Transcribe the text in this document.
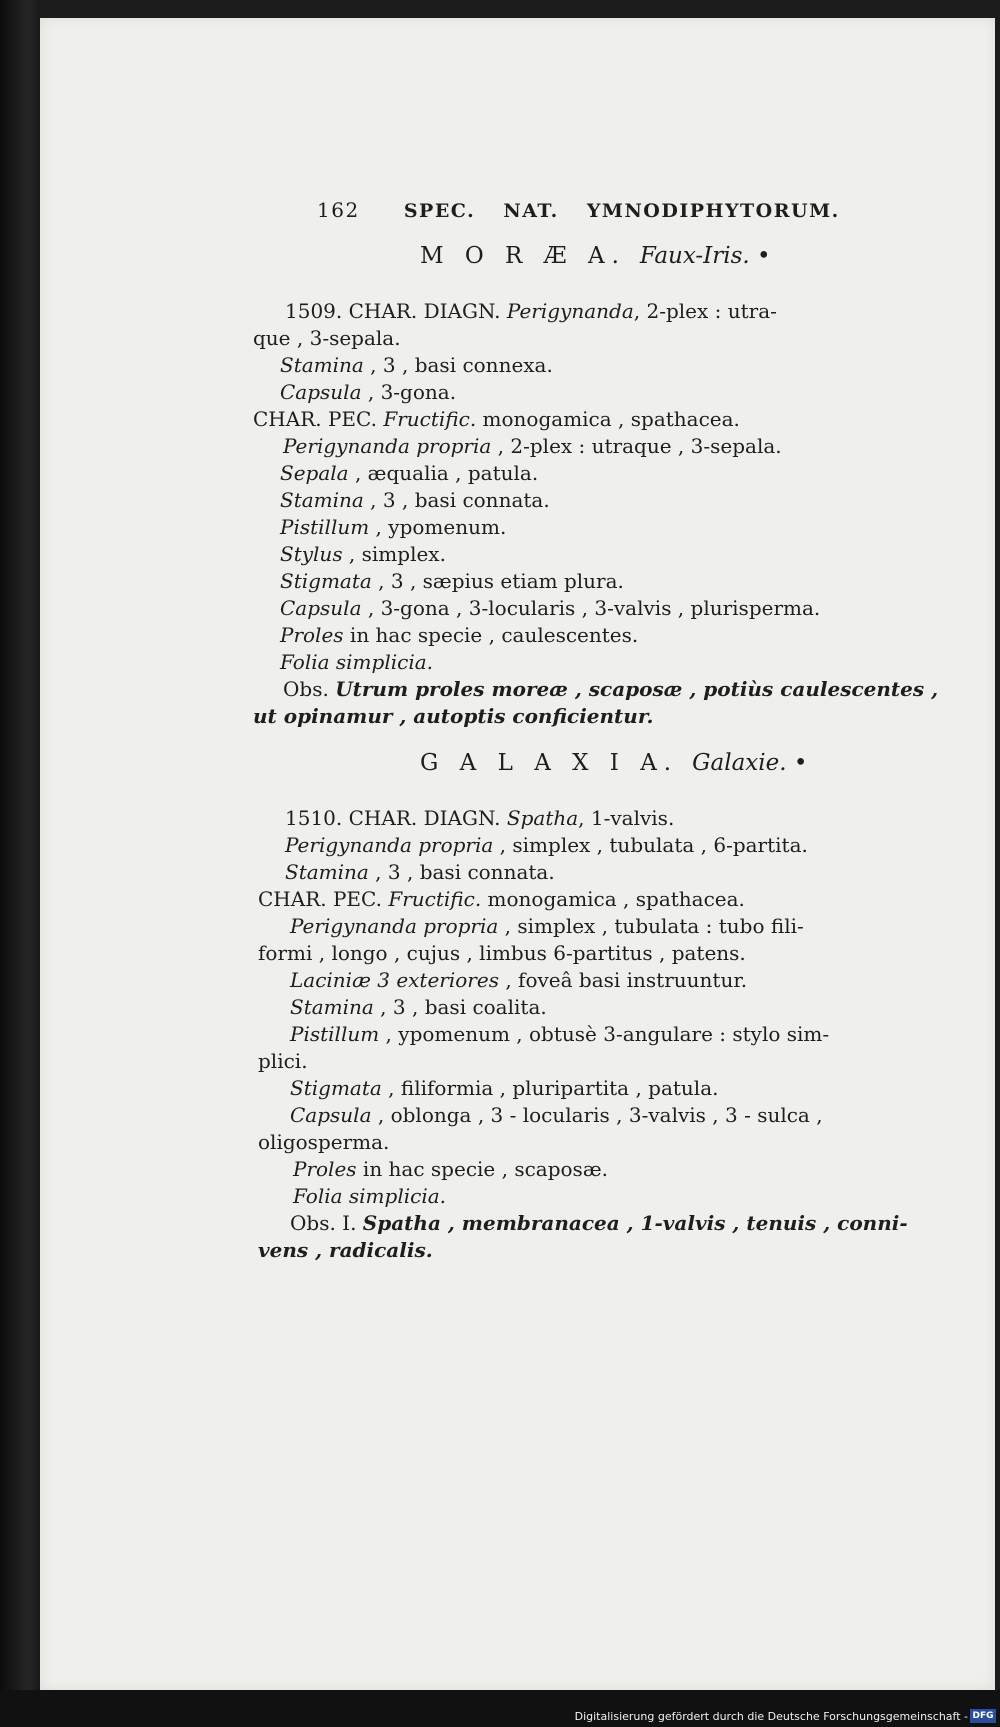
162 SPEC. NAT. YMNODIPHYTORUM.
M O R Æ A. Faux-Iris. •
1509. CHAR. DIAGN. Perigynanda, 2-plex : utra-
que , 3-sepala.
Stamina , 3 , basi connexa.
Capsula , 3-gona.
CHAR. PEC. Fructific. monogamica , spathacea.
Perigynanda propria , 2-plex : utraque , 3-sepala.
Sepala , æqualia , patula.
Stamina , 3 , basi connata.
Pistillum , ypomenum.
Stylus , simplex.
Stigmata , 3 , sæpius etiam plura.
Capsula , 3-gona , 3-locularis , 3-valvis , plurisperma.
Proles in hac specie , caulescentes.
Folia simplicia.
Obs. Utrum proles moreæ , scaposæ , potiùs caulescentes ,
ut opinamur , autoptis conficientur.
G A L A X I A. Galaxie. •
1510. CHAR. DIAGN. Spatha, 1-valvis.
Perigynanda propria , simplex , tubulata , 6-partita.
Stamina , 3 , basi connata.
CHAR. PEC. Fructific. monogamica , spathacea.
Perigynanda propria , simplex , tubulata : tubo fili-
formi , longo , cujus , limbus 6-partitus , patens.
Laciniæ 3 exteriores , foveâ basi instruuntur.
Stamina , 3 , basi coalita.
Pistillum , ypomenum , obtusè 3-angulare : stylo sim-
plici.
Stigmata , filiformia , pluripartita , patula.
Capsula , oblonga , 3 - locularis , 3-valvis , 3 - sulca ,
oligosperma.
Proles in hac specie , scaposæ.
Folia simplicia.
Obs. I. Spatha , membranacea , 1-valvis , tenuis , conni-
vens , radicalis.
Digitalisierung gefördert durch die Deutsche Forschungsgemeinschaft - DFG
